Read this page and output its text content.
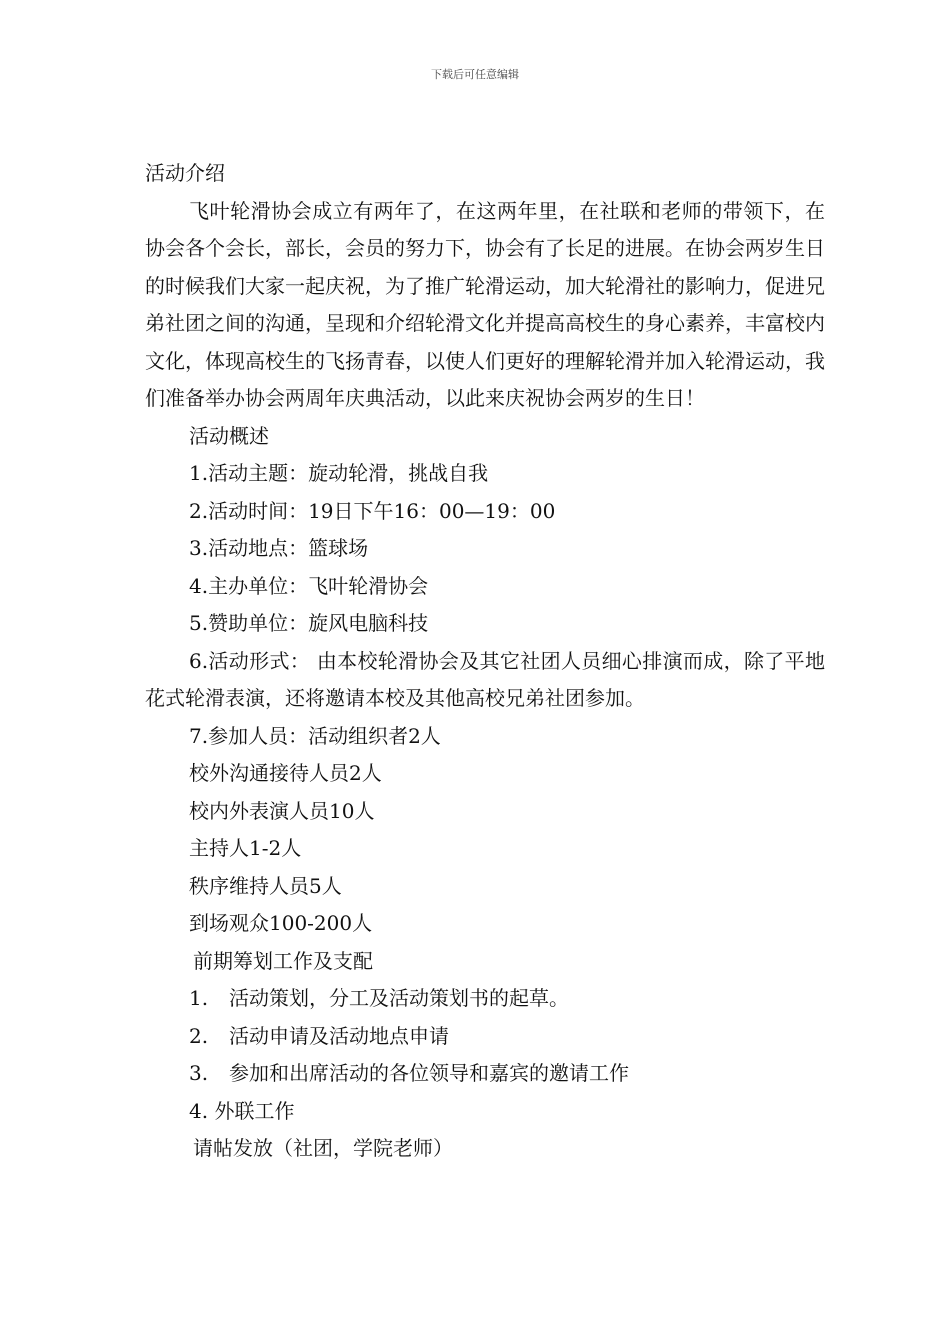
下载后可任意编辑

活动介绍

飞叶轮滑协会成立有两年了，在这两年里，在社联和老师的带领下，在协会各个会长，部长，会员的努力下，协会有了长足的进展。在协会两岁生日的时候我们大家一起庆祝，为了推广轮滑运动，加大轮滑社的影响力，促进兄弟社团之间的沟通，呈现和介绍轮滑文化并提高高校生的身心素养，丰富校内文化，体现高校生的飞扬青春，以使人们更好的理解轮滑并加入轮滑运动，我们准备举办协会两周年庆典活动，以此来庆祝协会两岁的生日！

活动概述

1.活动主题：旋动轮滑，挑战自我

2.活动时间：19日下午16：00—19：00

3.活动地点：篮球场

4.主办单位：飞叶轮滑协会

5.赞助单位：旋风电脑科技

6.活动形式： 由本校轮滑协会及其它社团人员细心排演而成，除了平地花式轮滑表演，还将邀请本校及其他高校兄弟社团参加。

7.参加人员：活动组织者2人

校外沟通接待人员2人

校内外表演人员10人

主持人1-2人

秩序维持人员5人

到场观众100-200人

前期筹划工作及支配

1. 活动策划，分工及活动策划书的起草。

2. 活动申请及活动地点申请

3. 参加和出席活动的各位领导和嘉宾的邀请工作

4. 外联工作

请帖发放（社团，学院老师）
